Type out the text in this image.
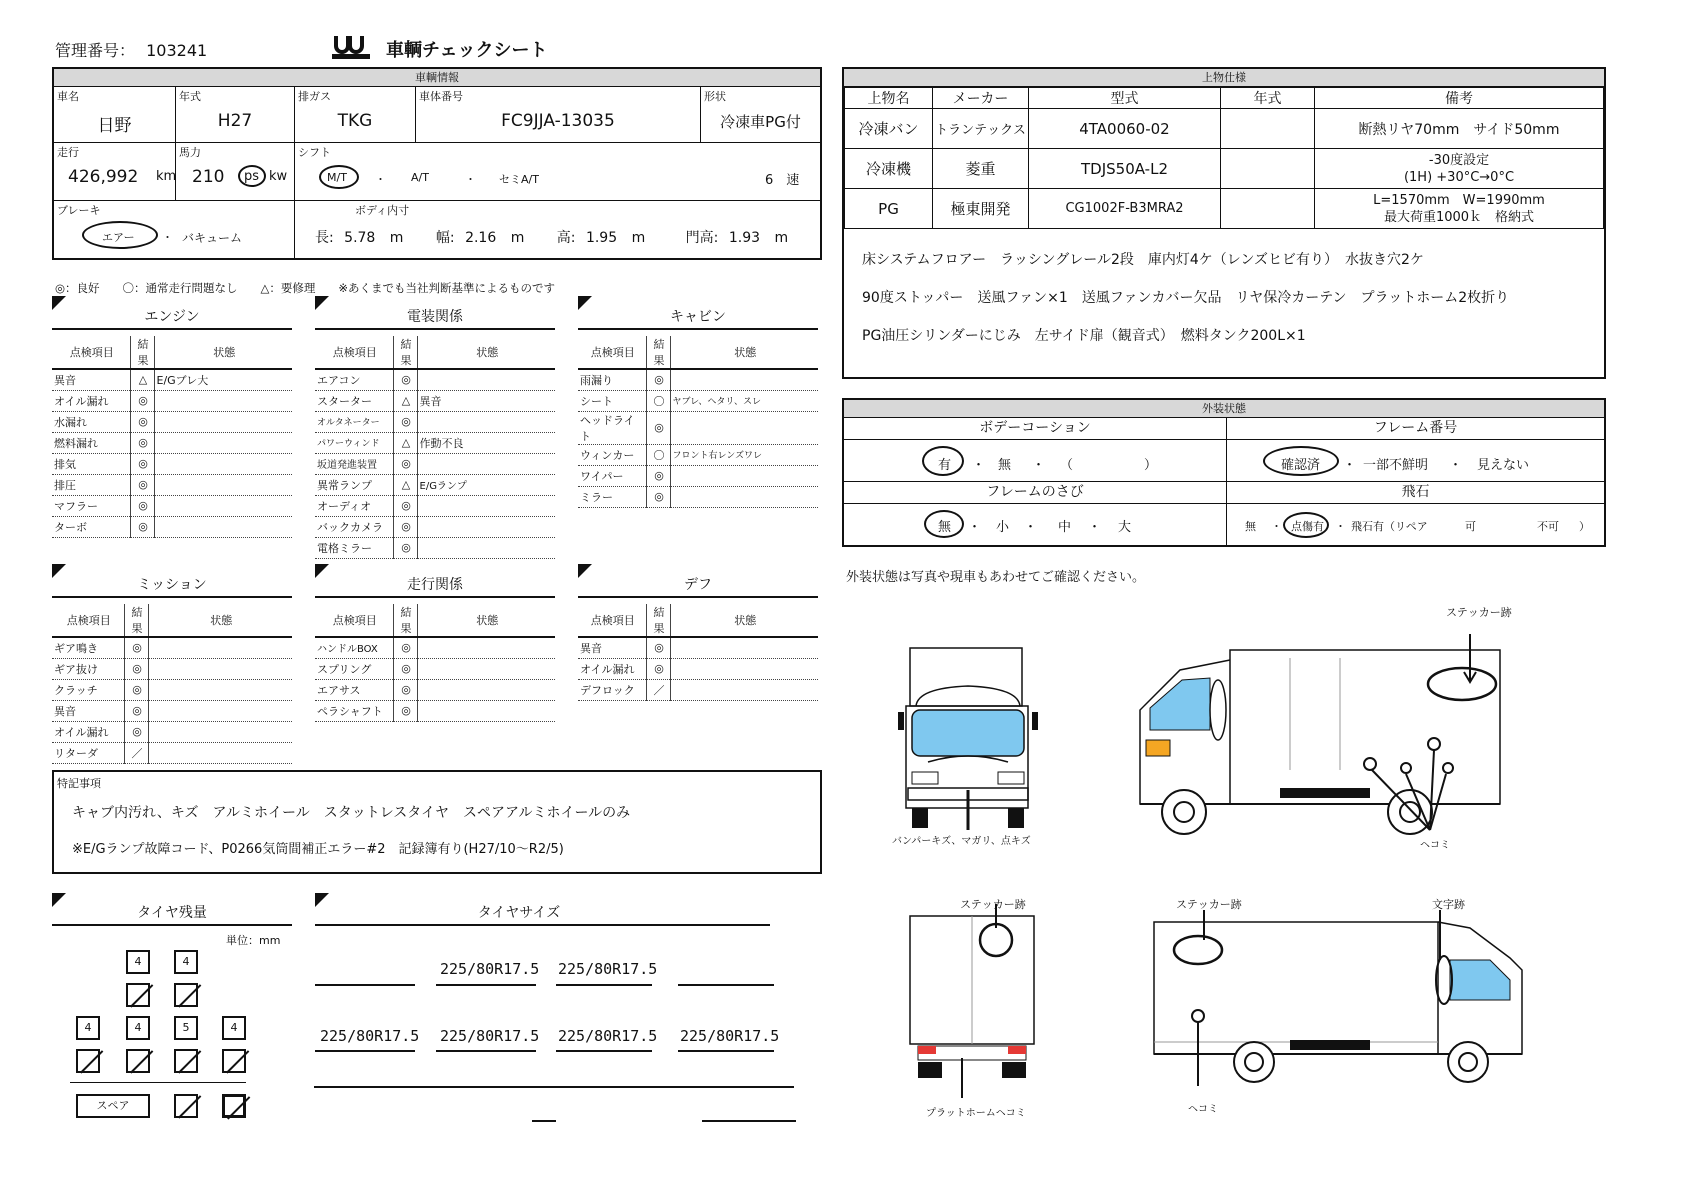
管理番号： 103241	車輌チェックシート
車輌情報
車名
日野
年式
H27
排ガス
TKG
車体番号
FC9JJA-13035
形状
冷凍車PG付
走行
426,992 km
馬力
210 ps kw
シフト
M/T	・ A/T	・ セミA/T	6　速
ブレーキ
エアー ・ バキューム
ボディ内寸
長: 5.78 m 幅: 2.16 m 高: 1.95 m	門高: 1.93 m
上物仕様
上物名	メーカー	型式	年式	備考
冷凍バン	トランテックス	4TA0060-02		断熱リヤ70mm　サイド50mm
冷凍機	菱重	TDJS50A-L2		-30度設定
(1H) +30°C→0°C
PG	極東開発	CG1002F-B3MRA2		L=1570mm　W=1990mm
最大荷重1000ｋ　格納式
床システムフロアー　ラッシングレール2段　庫内灯4ケ（レンズヒビ有り）　水抜き穴2ケ
90度ストッパー　送風ファン×1　送風ファンカバー欠品　リヤ保冷カーテン　プラットホーム2枚折り
PG油圧シリンダーにじみ　左サイド扉（観音式）　燃料タンク200L×1
外装状態
ボデーコーション	フレーム番号
有 ・ 無 ・ （	）	確認済 ・ 一部不鮮明 ・ 見えない
フレームのさび	飛石
無 ・ 小 ・ 中 ・ 大	無 ・ 点傷有 ・ 飛石有（リペア	可	不可 ）
外装状態は写真や現車もあわせてご確認ください。
◎：良好　　〇：通常走行問題なし　　△：要修理　　※あくまでも当社判断基準によるものです
エンジン
点検項目	結果	状態
異音	△	E/Gブレ大
オイル漏れ	◎	
水漏れ	◎	
燃料漏れ	◎	
排気	◎	
排圧	◎	
マフラー	◎	
ターボ	◎	
電装関係
点検項目	結果	状態
エアコン	◎	
スターター	△	異音
オルタネーター	◎	
パワーウィンド	△	作動不良
坂道発進装置	◎	
異常ランプ	△	E/Gランプ
オーディオ	◎	
バックカメラ	◎	
電格ミラー	◎	
キャビン
点検項目	結果	状態
雨漏り	◎	
シート	〇	ヤブレ、ヘタリ、スレ
ヘッドライト	◎	
ウィンカー	〇	フロント右レンズワレ
ワイパー	◎	
ミラー	◎	
ミッション
点検項目	結果	状態
ギア鳴き	◎	
ギア抜け	◎	
クラッチ	◎	
異音	◎	
オイル漏れ	◎	
リターダ	／	
走行関係
点検項目	結果	状態
ハンドルBOX	◎	
スプリング	◎	
エアサス	◎	
ペラシャフト	◎	
デフ
点検項目	結果	状態
異音	◎	
オイル漏れ	◎	
デフロック	／	
特記事項
キャブ内汚れ、キズ　アルミホイール　スタットレスタイヤ　スペアアルミホイールのみ
※E/Gランプ故障コード、P0266気筒間補正エラー#2　記録簿有り(H27/10〜R2/5)
タイヤ残量
単位：mm
4	4
4	4	5	4
スペア
タイヤサイズ
225/80R17.5 225/80R17.5
225/80R17.5 225/80R17.5 225/80R17.5 225/80R17.5
バンパーキズ、マガリ、点キズ
ステッカー跡
ヘコミ
ステッカー跡
プラットホームヘコミ
ステッカー跡	文字跡
ヘコミ
